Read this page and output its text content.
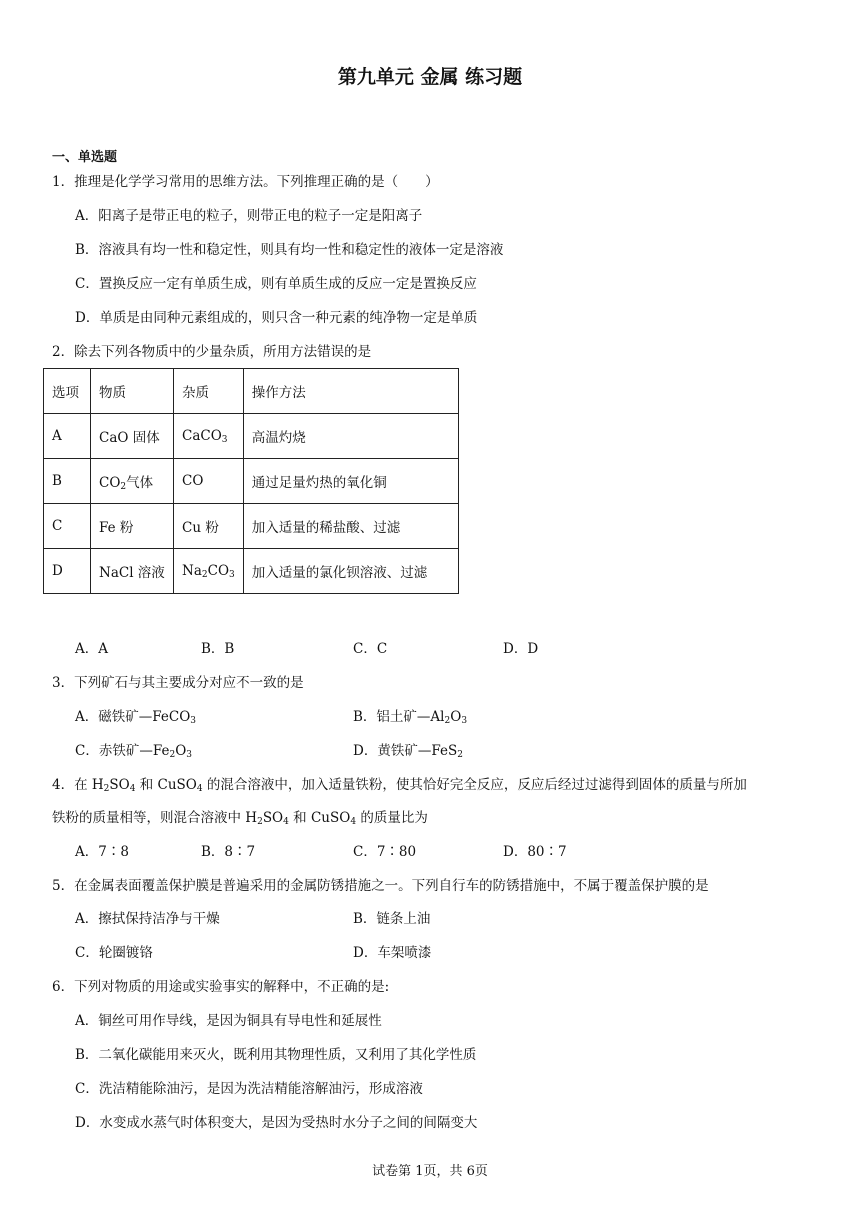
第九单元 金属 练习题
一、单选题
1．推理是化学学习常用的思维方法。下列推理正确的是（　　）
A．阳离子是带正电的粒子，则带正电的粒子一定是阳离子
B．溶液具有均一性和稳定性，则具有均一性和稳定性的液体一定是溶液
C．置换反应一定有单质生成，则有单质生成的反应一定是置换反应
D．单质是由同种元素组成的，则只含一种元素的纯净物一定是单质
2．除去下列各物质中的少量杂质，所用方法错误的是
选项	物质	杂质	操作方法
A	CaO 固体	CaCO$_3$	高温灼烧
B	$CO_2$气体	CO	通过足量灼热的氧化铜
C	Fe 粉	Cu 粉	加入适量的稀盐酸、过滤
D	NaCl 溶液	$Na_2CO_3$	加入适量的氯化钡溶液、过滤
A．A	B．B	C．C	D．D
3．下列矿石与其主要成分对应不一致的是
A．磁铁矿—FeCO$_3$	B．铝土矿$—Al_2O_3$
C．赤铁矿$—Fe_2O_3$	D．黄铁矿—FeS$_2$
4．在 $H_2SO_4$ 和 CuSO$_4$ 的混合溶液中，加入适量铁粉，使其恰好完全反应，反应后经过过滤得到固体的质量与所加
铁粉的质量相等，则混合溶液中 $H_2SO_4$ 和 CuSO$_4$ 的质量比为
A．7∶8	B．8∶7	C．7∶80	D．80∶7
5．在金属表面覆盖保护膜是普遍采用的金属防锈措施之一。下列自行车的防锈措施中，不属于覆盖保护膜的是
A．擦拭保持洁净与干燥	B．链条上油
C．轮圈镀铬	D．车架喷漆
6．下列对物质的用途或实验事实的解释中，不正确的是:
A．铜丝可用作导线，是因为铜具有导电性和延展性
B．二氧化碳能用来灭火，既利用其物理性质，又利用了其化学性质
C．洗洁精能除油污，是因为洗洁精能溶解油污，形成溶液
D．水变成水蒸气时体积变大，是因为受热时水分子之间的间隔变大
试卷第 1页，共 6页
